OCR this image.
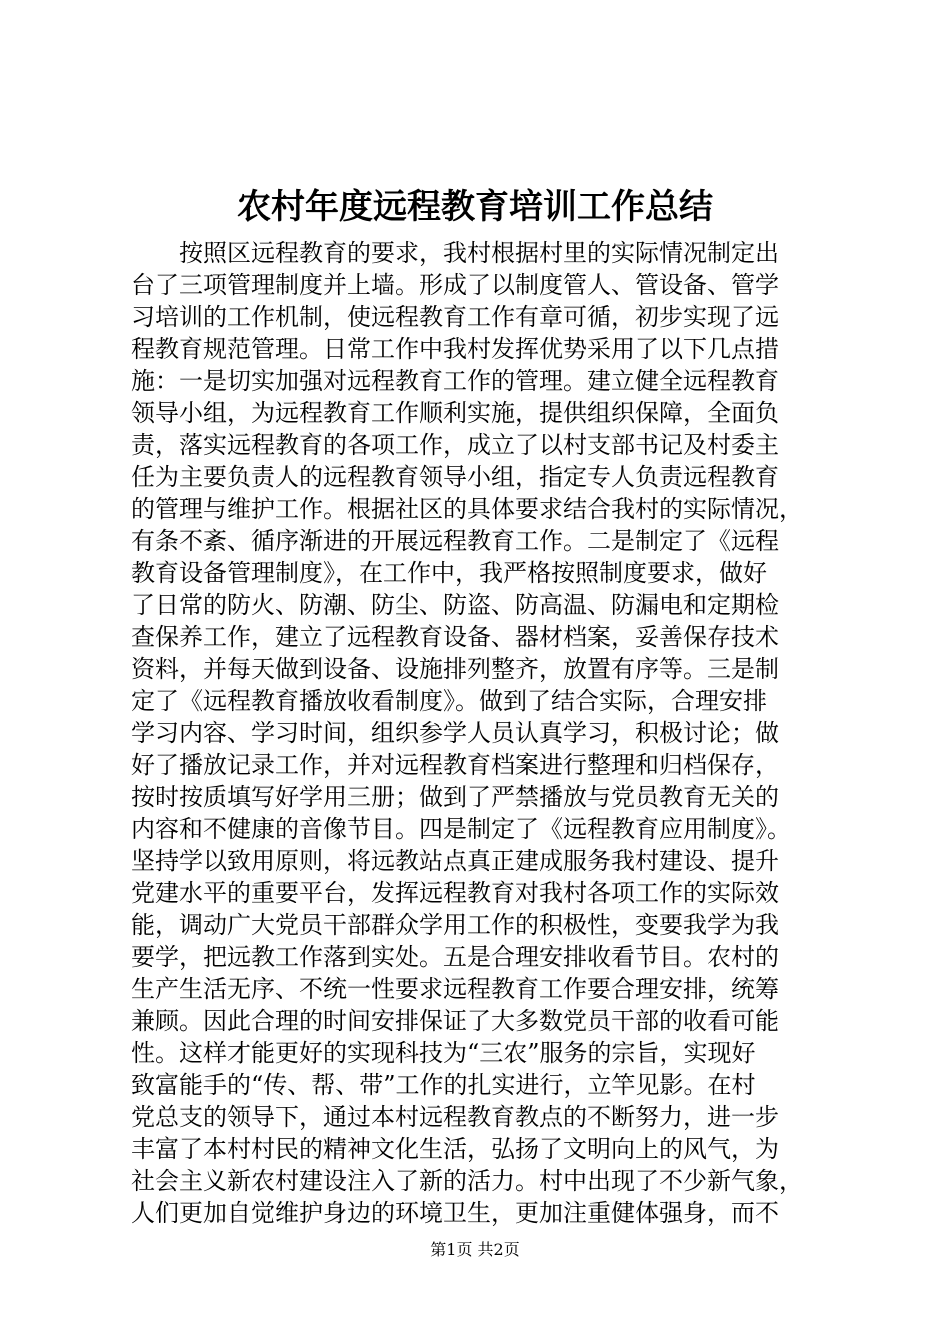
农村年度远程教育培训工作总结
按照区远程教育的要求，我村根据村里的实际情况制定出
台了三项管理制度并上墙。形成了以制度管人、管设备、管学
习培训的工作机制，使远程教育工作有章可循，初步实现了远
程教育规范管理。日常工作中我村发挥优势采用了以下几点措
施：一是切实加强对远程教育工作的管理。建立健全远程教育
领导小组，为远程教育工作顺利实施，提供组织保障，全面负
责，落实远程教育的各项工作，成立了以村支部书记及村委主
任为主要负责人的远程教育领导小组，指定专人负责远程教育
的管理与维护工作。根据社区的具体要求结合我村的实际情况，
有条不紊、循序渐进的开展远程教育工作。二是制定了《远程
教育设备管理制度》，在工作中，我严格按照制度要求，做好
了日常的防火、防潮、防尘、防盗、防高温、防漏电和定期检
查保养工作，建立了远程教育设备、器材档案，妥善保存技术
资料，并每天做到设备、设施排列整齐，放置有序等。三是制
定了《远程教育播放收看制度》。做到了结合实际，合理安排
学习内容、学习时间，组织参学人员认真学习，积极讨论；做
好了播放记录工作，并对远程教育档案进行整理和归档保存，
按时按质填写好学用三册；做到了严禁播放与党员教育无关的
内容和不健康的音像节目。四是制定了《远程教育应用制度》。
坚持学以致用原则，将远教站点真正建成服务我村建设、提升
党建水平的重要平台，发挥远程教育对我村各项工作的实际效
能，调动广大党员干部群众学用工作的积极性，变要我学为我
要学，把远教工作落到实处。五是合理安排收看节目。农村的
生产生活无序、不统一性要求远程教育工作要合理安排，统筹
兼顾。因此合理的时间安排保证了大多数党员干部的收看可能
性。这样才能更好的实现科技为“三农”服务的宗旨，实现好
致富能手的“传、帮、带”工作的扎实进行，立竿见影。在村
党总支的领导下，通过本村远程教育教点的不断努力，进一步
丰富了本村村民的精神文化生活，弘扬了文明向上的风气，为
社会主义新农村建设注入了新的活力。村中出现了不少新气象，
人们更加自觉维护身边的环境卫生，更加注重健体强身，而不
第1页 共2页
